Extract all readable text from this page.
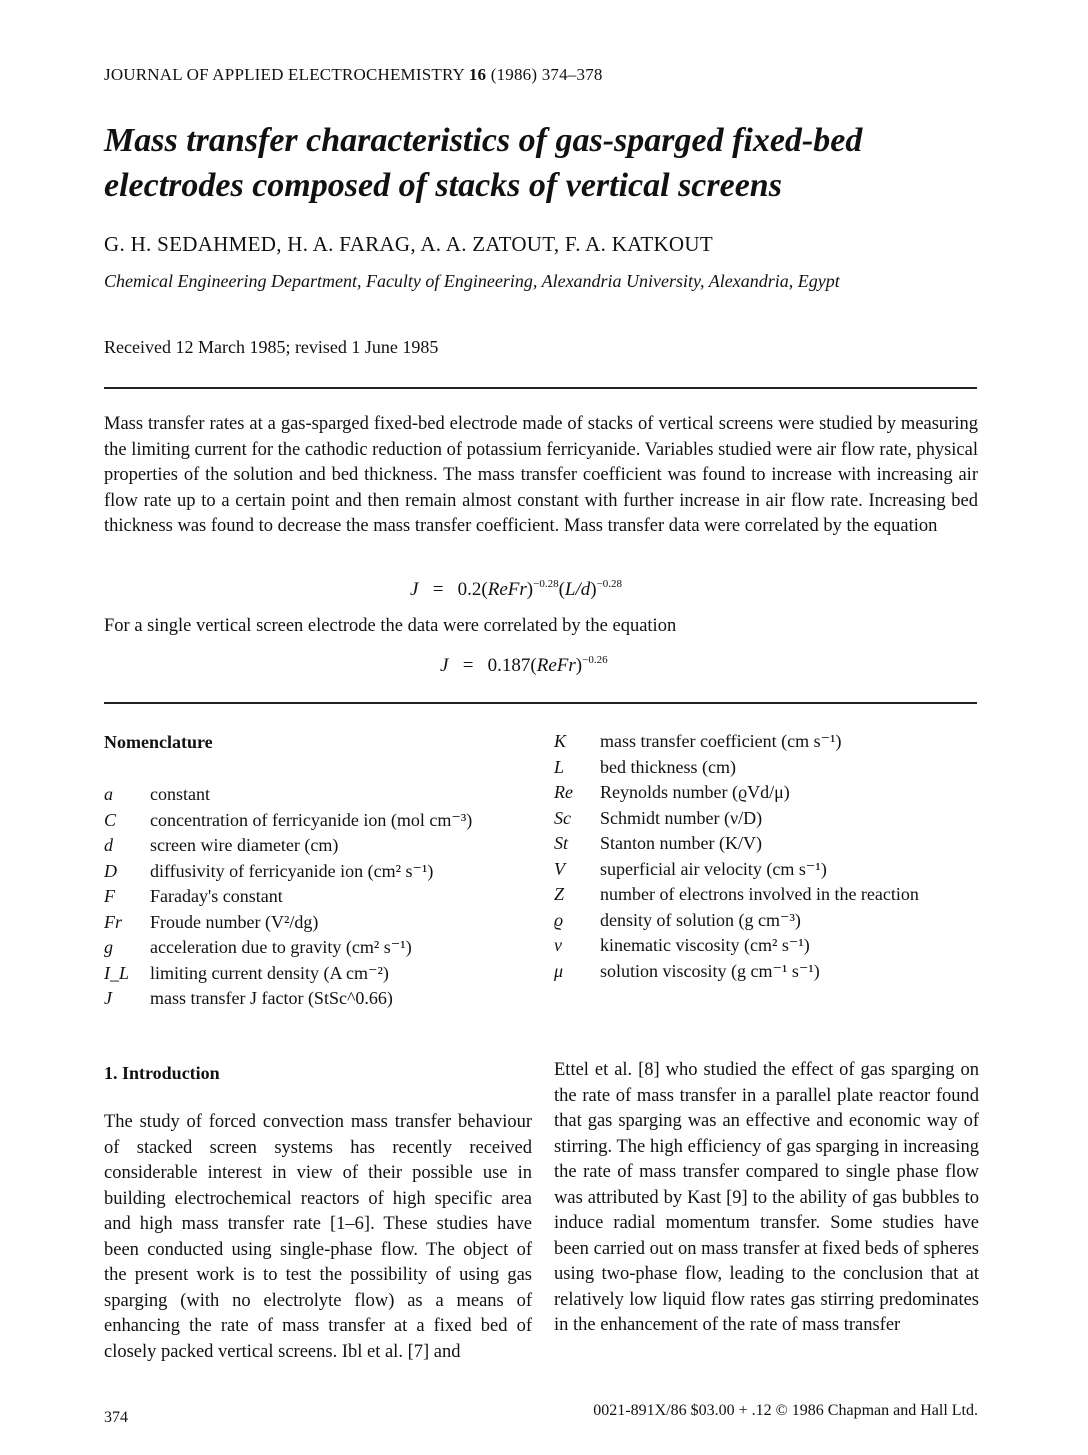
JOURNAL OF APPLIED ELECTROCHEMISTRY 16 (1986) 374–378
Mass transfer characteristics of gas-sparged fixed-bed electrodes composed of stacks of vertical screens
G. H. SEDAHMED, H. A. FARAG, A. A. ZATOUT, F. A. KATKOUT
Chemical Engineering Department, Faculty of Engineering, Alexandria University, Alexandria, Egypt
Received 12 March 1985; revised 1 June 1985

Mass transfer rates at a gas-sparged fixed-bed electrode made of stacks of vertical screens were studied by measuring the limiting current for the cathodic reduction of potassium ferricyanide. Variables studied were air flow rate, physical properties of the solution and bed thickness. The mass transfer coefficient was found to increase with increasing air flow rate up to a certain point and then remain almost constant with further increase in air flow rate. Increasing bed thickness was found to decrease the mass transfer coefficient. Mass transfer data were correlated by the equation

$J = 0.2(ReFr)^{-0.28}(L/d)^{-0.28}$
For a single vertical screen electrode the data were correlated by the equation
J = 0.187(ReFr)$^{-0.26}$
Nomenclature
a	constant
C	concentration of ferricyanide ion (mol cm⁻³)
d	screen wire diameter (cm)
D	diffusivity of ferricyanide ion (cm² s⁻¹)
F	Faraday's constant
Fr	Froude number (V²/dg)
g	acceleration due to gravity (cm² s⁻¹)
I_L	limiting current density (A cm⁻²)
J	mass transfer J factor (StSc^0.66)
K	mass transfer coefficient (cm s⁻¹)
L	bed thickness (cm)
Re	Reynolds number (ϱVd/μ)
Sc	Schmidt number (ν/D)
St	Stanton number (K/V)
V	superficial air velocity (cm s⁻¹)
Z	number of electrons involved in the reaction
ϱ	density of solution (g cm⁻³)
ν	kinematic viscosity (cm² s⁻¹)
μ	solution viscosity (g cm⁻¹ s⁻¹)
1. Introduction

The study of forced convection mass transfer behaviour of stacked screen systems has recently received considerable interest in view of their possible use in building electrochemical reactors of high specific area and high mass transfer rate [1–6]. These studies have been conducted using single-phase flow. The object of the present work is to test the possibility of using gas sparging (with no electrolyte flow) as a means of enhancing the rate of mass transfer at a fixed bed of closely packed vertical screens. Ibl et al. [7] and

Ettel et al. [8] who studied the effect of gas sparging on the rate of mass transfer in a parallel plate reactor found that gas sparging was an effective and economic way of stirring. The high efficiency of gas sparging in increasing the rate of mass transfer compared to single phase flow was attributed by Kast [9] to the ability of gas bubbles to induce radial momentum transfer. Some studies have been carried out on mass transfer at fixed beds of spheres using two-phase flow, leading to the conclusion that at relatively low liquid flow rates gas stirring predominates in the enhancement of the rate of mass transfer

374	0021-891X/86 $03.00 + .12 © 1986 Chapman and Hall Ltd.
